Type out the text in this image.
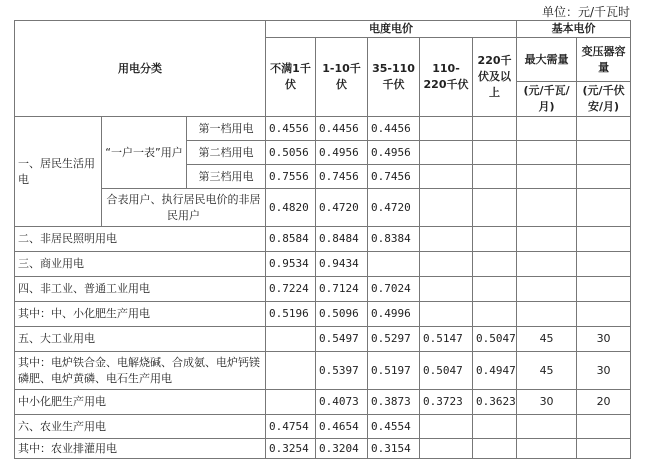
单位：元/千瓦时
用电分类			电度电价					基本电价	
			不满1千伏	1-10千伏	35-110千伏	110-220千伏	220千伏及以上	最大需量	变压器容量
								(元/千瓦/月)	(元/千伏安/月)
一、居民生活用电	“一户一表”用户	第一档用电	0.4556	0.4456	0.4456				
		第二档用电	0.5056	0.4956	0.4956				
		第三档用电	0.7556	0.7456	0.7456				
	合表用户、执行居民电价的非居民用户		0.4820	0.4720	0.4720				
二、非居民照明用电			0.8584	0.8484	0.8384				
三、商业用电			0.9534	0.9434					
四、非工业、普通工业用电			0.7224	0.7124	0.7024				
其中：中、小化肥生产用电			0.5196	0.5096	0.4996				
五、大工业用电				0.5497	0.5297	0.5147	0.5047	45	30
其中：电炉铁合金、电解烧碱、合成氨、电炉钙镁磷肥、电炉黄磷、电石生产用电				0.5397	0.5197	0.5047	0.4947	45	30
中小化肥生产用电				0.4073	0.3873	0.3723	0.3623	30	20
六、农业生产用电			0.4754	0.4654	0.4554				
其中：农业排灌用电			0.3254	0.3204	0.3154				
